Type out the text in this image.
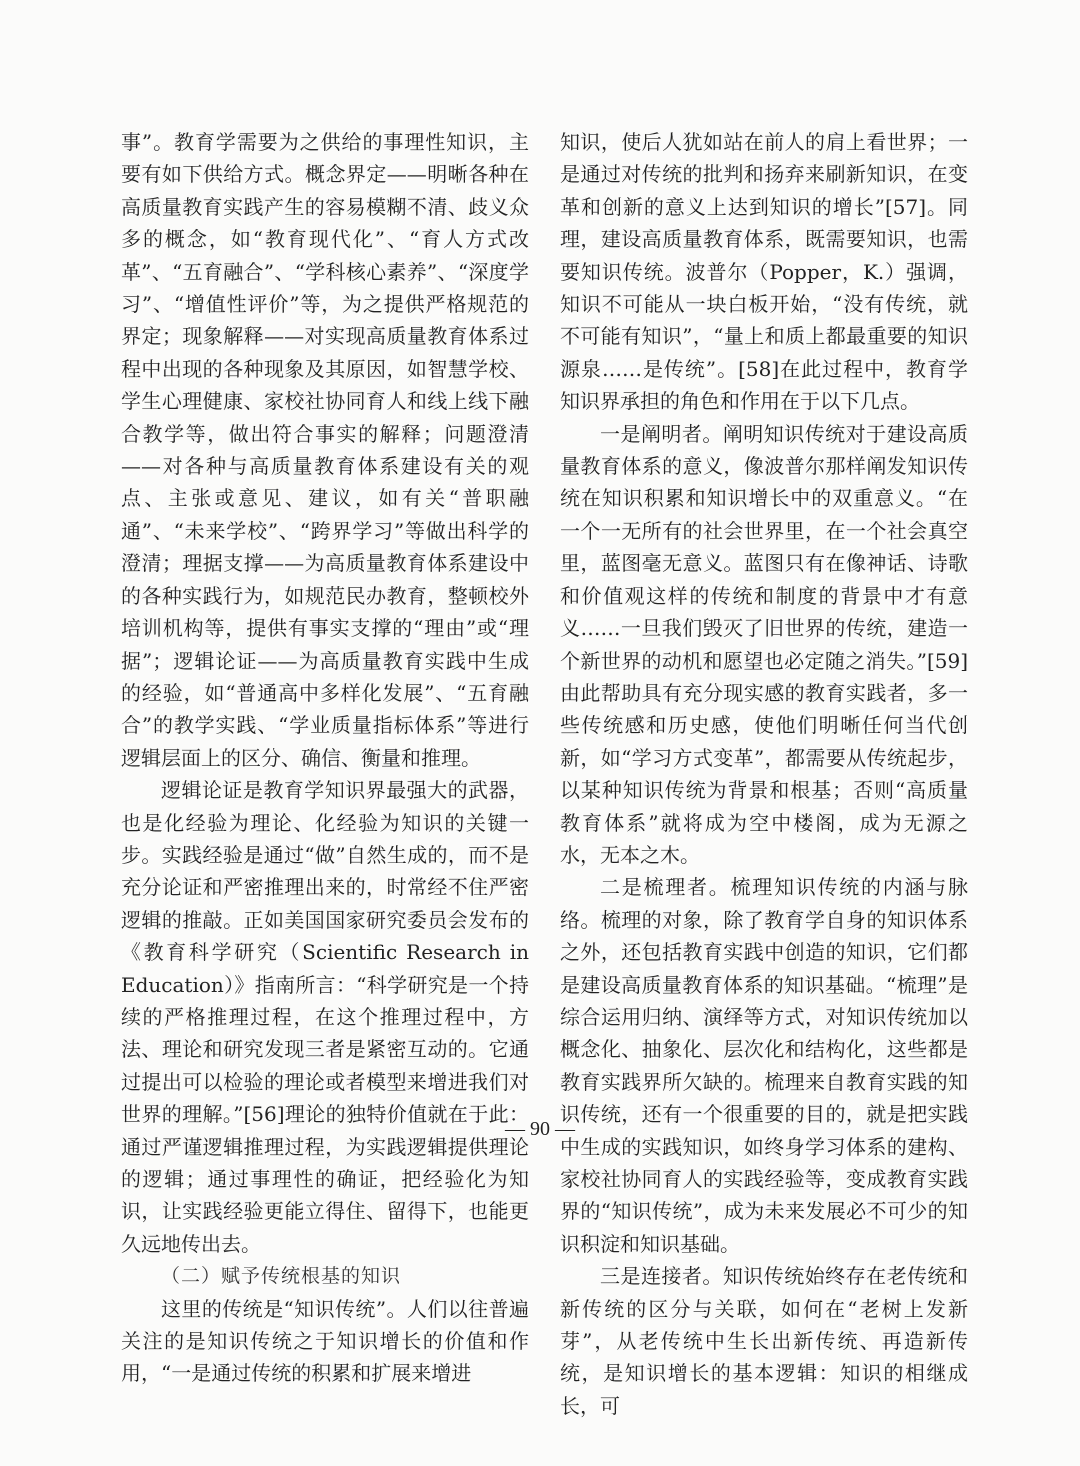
事”。教育学需要为之供给的事理性知识，主要有如下供给方式。概念界定——明晰各种在高质量教育实践产生的容易模糊不清、歧义众多的概念，如“教育现代化”、“育人方式改革”、“五育融合”、“学科核心素养”、“深度学习”、“增值性评价”等，为之提供严格规范的界定；现象解释——对实现高质量教育体系过程中出现的各种现象及其原因，如智慧学校、学生心理健康、家校社协同育人和线上线下融合教学等，做出符合事实的解释；问题澄清——对各种与高质量教育体系建设有关的观点、主张或意见、建议，如有关“普职融通”、“未来学校”、“跨界学习”等做出科学的澄清；理据支撑——为高质量教育体系建设中的各种实践行为，如规范民办教育，整顿校外培训机构等，提供有事实支撑的“理由”或“理据”；逻辑论证——为高质量教育实践中生成的经验，如“普通高中多样化发展”、“五育融合”的教学实践、“学业质量指标体系”等进行逻辑层面上的区分、确信、衡量和推理。

逻辑论证是教育学知识界最强大的武器，也是化经验为理论、化经验为知识的关键一步。实践经验是通过“做”自然生成的，而不是充分论证和严密推理出来的，时常经不住严密逻辑的推敲。正如美国国家研究委员会发布的《教育科学研究（Scientific Research in Education）》指南所言：“科学研究是一个持续的严格推理过程，在这个推理过程中，方法、理论和研究发现三者是紧密互动的。它通过提出可以检验的理论或者模型来增进我们对世界的理解。”[56]理论的独特价值就在于此：通过严谨逻辑推理过程，为实践逻辑提供理论的逻辑；通过事理性的确证，把经验化为知识，让实践经验更能立得住、留得下，也能更久远地传出去。

（二）赋予传统根基的知识

这里的传统是“知识传统”。人们以往普遍关注的是知识传统之于知识增长的价值和作用，“一是通过传统的积累和扩展来增进

知识，使后人犹如站在前人的肩上看世界；一是通过对传统的批判和扬弃来刷新知识，在变革和创新的意义上达到知识的增长”[57]。同理，建设高质量教育体系，既需要知识，也需要知识传统。波普尔（Popper，K.）强调，知识不可能从一块白板开始，“没有传统，就不可能有知识”，“量上和质上都最重要的知识源泉……是传统”。[58]在此过程中，教育学知识界承担的角色和作用在于以下几点。

一是阐明者。阐明知识传统对于建设高质量教育体系的意义，像波普尔那样阐发知识传统在知识积累和知识增长中的双重意义。“在一个一无所有的社会世界里，在一个社会真空里，蓝图毫无意义。蓝图只有在像神话、诗歌和价值观这样的传统和制度的背景中才有意义……一旦我们毁灭了旧世界的传统，建造一个新世界的动机和愿望也必定随之消失。”[59]由此帮助具有充分现实感的教育实践者，多一些传统感和历史感，使他们明晰任何当代创新，如“学习方式变革”，都需要从传统起步，以某种知识传统为背景和根基；否则“高质量教育体系”就将成为空中楼阁，成为无源之水，无本之木。

二是梳理者。梳理知识传统的内涵与脉络。梳理的对象，除了教育学自身的知识体系之外，还包括教育实践中创造的知识，它们都是建设高质量教育体系的知识基础。“梳理”是综合运用归纳、演绎等方式，对知识传统加以概念化、抽象化、层次化和结构化，这些都是教育实践界所欠缺的。梳理来自教育实践的知识传统，还有一个很重要的目的，就是把实践中生成的实践知识，如终身学习体系的建构、家校社协同育人的实践经验等，变成教育实践界的“知识传统”，成为未来发展必不可少的知识积淀和知识基础。

三是连接者。知识传统始终存在老传统和新传统的区分与关联，如何在“老树上发新芽”，从老传统中生长出新传统、再造新传统，是知识增长的基本逻辑：知识的相继成长，可

— 90 —
